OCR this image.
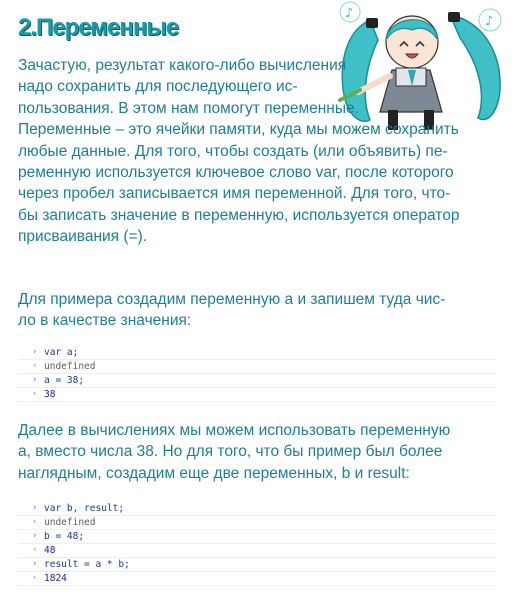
2.Переменные
♪
♪
Зачастую, результат какого-либо вычисления
надо сохранить для последующего ис-
пользования. В этом нам помогут переменные.
Переменные – это ячейки памяти, куда мы можем сохранить
любые данные. Для того, чтобы создать (или объявить) пе-
ременную используется ключевое слово var, после которого
через пробел записывается имя переменной. Для того, что-
бы записать значение в переменную, используется оператор
присваивания (=).
Для примера создадим переменную a и запишем туда чис-
ло в качестве значения:
› var a;
‹ undefined
› a = 38;
‹ 38
Далее в вычислениях мы можем использовать переменную
a, вместо числа 38. Но для того, что бы пример был более
наглядным, создадим еще две переменных, b и result:
› var b, result;
‹ undefined
› b = 48;
‹ 48
› result = a * b;
‹ 1824
